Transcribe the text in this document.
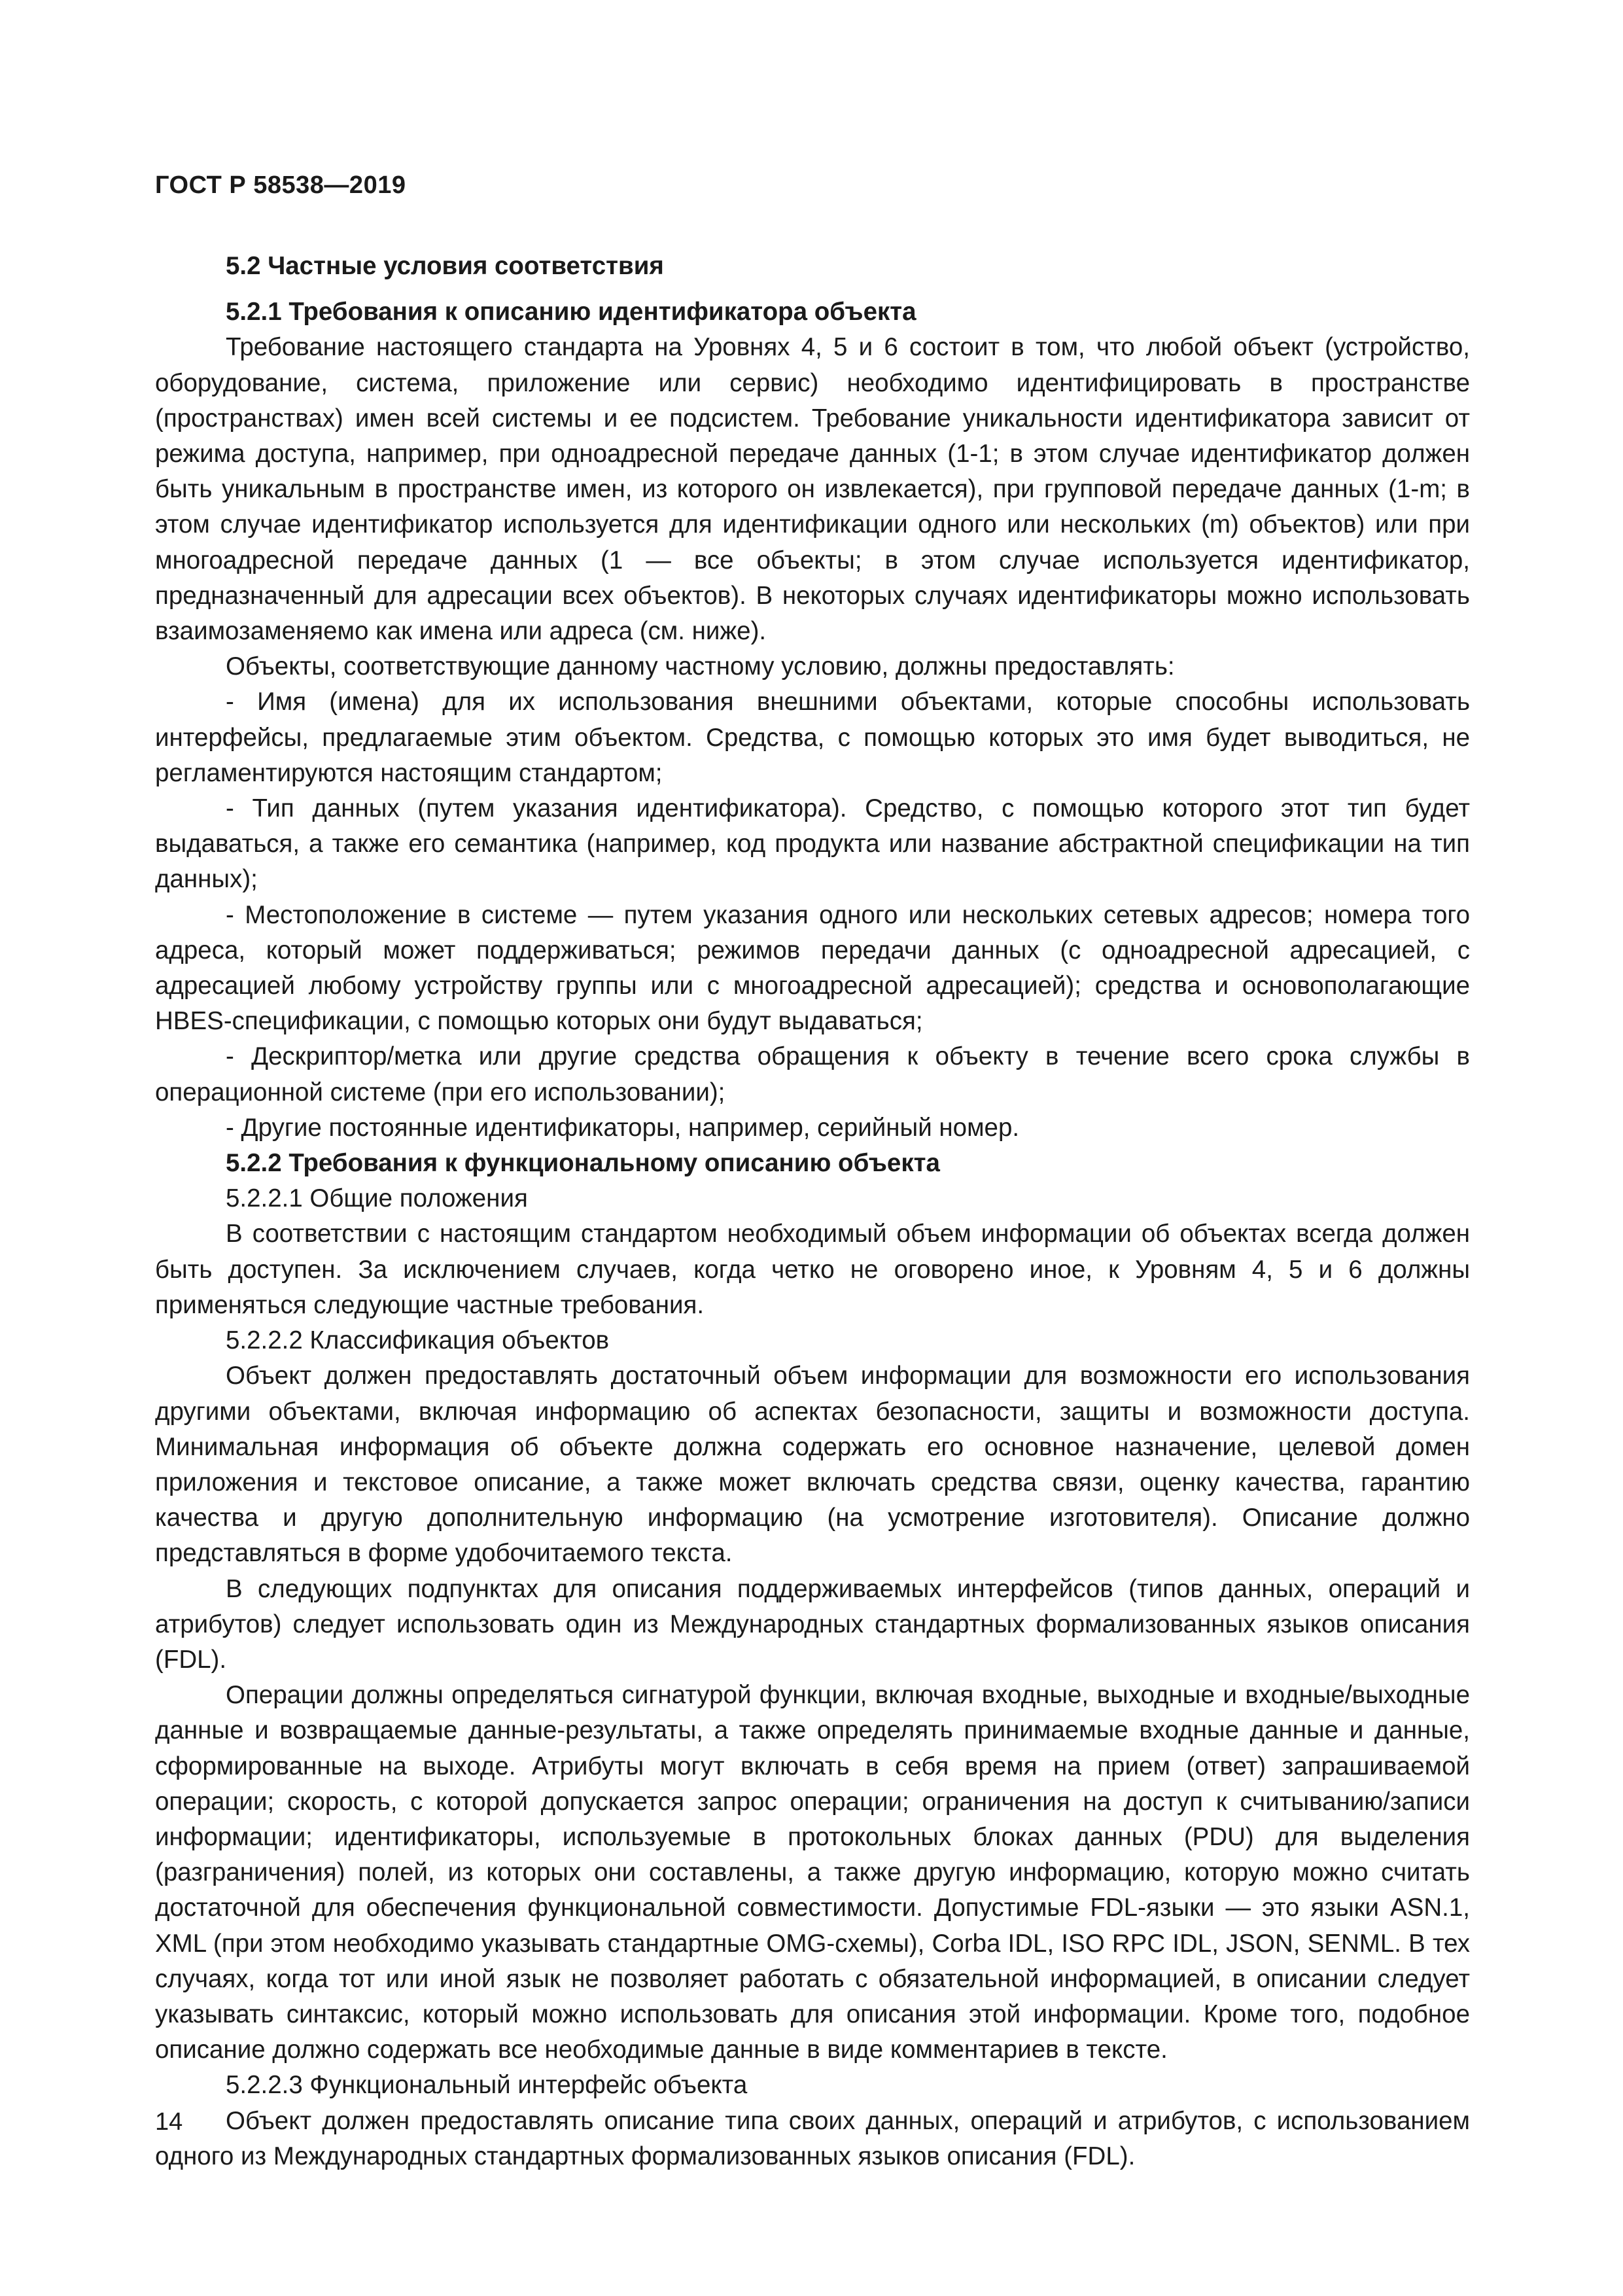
ГОСТ Р 58538—2019

5.2 Частные условия соответствия

5.2.1 Требования к описанию идентификатора объекта

Требование настоящего стандарта на Уровнях 4, 5 и 6 состоит в том, что любой объект (устройство, оборудование, система, приложение или сервис) необходимо идентифицировать в пространстве (пространствах) имен всей системы и ее подсистем. Требование уникальности идентификатора зависит от режима доступа, например, при одноадресной передаче данных (1-1; в этом случае идентификатор должен быть уникальным в пространстве имен, из которого он извлекается), при групповой передаче данных (1-m; в этом случае идентификатор используется для идентификации одного или нескольких (m) объектов) или при многоадресной передаче данных (1 — все объекты; в этом случае используется идентификатор, предназначенный для адресации всех объектов). В некоторых случаях идентификаторы можно использовать взаимозаменяемо как имена или адреса (см. ниже).

Объекты, соответствующие данному частному условию, должны предоставлять:

- Имя (имена) для их использования внешними объектами, которые способны использовать интерфейсы, предлагаемые этим объектом. Средства, с помощью которых это имя будет выводиться, не регламентируются настоящим стандартом;

- Тип данных (путем указания идентификатора). Средство, с помощью которого этот тип будет выдаваться, а также его семантика (например, код продукта или название абстрактной спецификации на тип данных);

- Местоположение в системе — путем указания одного или нескольких сетевых адресов; номера того адреса, который может поддерживаться; режимов передачи данных (с одноадресной адресацией, с адресацией любому устройству группы или с многоадресной адресацией); средства и основополагающие HBES-спецификации, с помощью которых они будут выдаваться;

- Дескриптор/метка или другие средства обращения к объекту в течение всего срока службы в операционной системе (при его использовании);

- Другие постоянные идентификаторы, например, серийный номер.

5.2.2 Требования к функциональному описанию объекта

5.2.2.1 Общие положения

В соответствии с настоящим стандартом необходимый объем информации об объектах всегда должен быть доступен. За исключением случаев, когда четко не оговорено иное, к Уровням 4, 5 и 6 должны применяться следующие частные требования.

5.2.2.2 Классификация объектов

Объект должен предоставлять достаточный объем информации для возможности его использования другими объектами, включая информацию об аспектах безопасности, защиты и возможности доступа. Минимальная информация об объекте должна содержать его основное назначение, целевой домен приложения и текстовое описание, а также может включать средства связи, оценку качества, гарантию качества и другую дополнительную информацию (на усмотрение изготовителя). Описание должно представляться в форме удобочитаемого текста.

В следующих подпунктах для описания поддерживаемых интерфейсов (типов данных, операций и атрибутов) следует использовать один из Международных стандартных формализованных языков описания (FDL).

Операции должны определяться сигнатурой функции, включая входные, выходные и входные/выходные данные и возвращаемые данные-результаты, а также определять принимаемые входные данные и данные, сформированные на выходе. Атрибуты могут включать в себя время на прием (ответ) запрашиваемой операции; скорость, с которой допускается запрос операции; ограничения на доступ к считыванию/записи информации; идентификаторы, используемые в протокольных блоках данных (PDU) для выделения (разграничения) полей, из которых они составлены, а также другую информацию, которую можно считать достаточной для обеспечения функциональной совместимости. Допустимые FDL-языки — это языки ASN.1, XML (при этом необходимо указывать стандартные OMG-схемы), Corba IDL, ISO RPC IDL, JSON, SENML. В тех случаях, когда тот или иной язык не позволяет работать с обязательной информацией, в описании следует указывать синтаксис, который можно использовать для описания этой информации. Кроме того, подобное описание должно содержать все необходимые данные в виде комментариев в тексте.

5.2.2.3 Функциональный интерфейс объекта

Объект должен предоставлять описание типа своих данных, операций и атрибутов, с использованием одного из Международных стандартных формализованных языков описания (FDL).

14
